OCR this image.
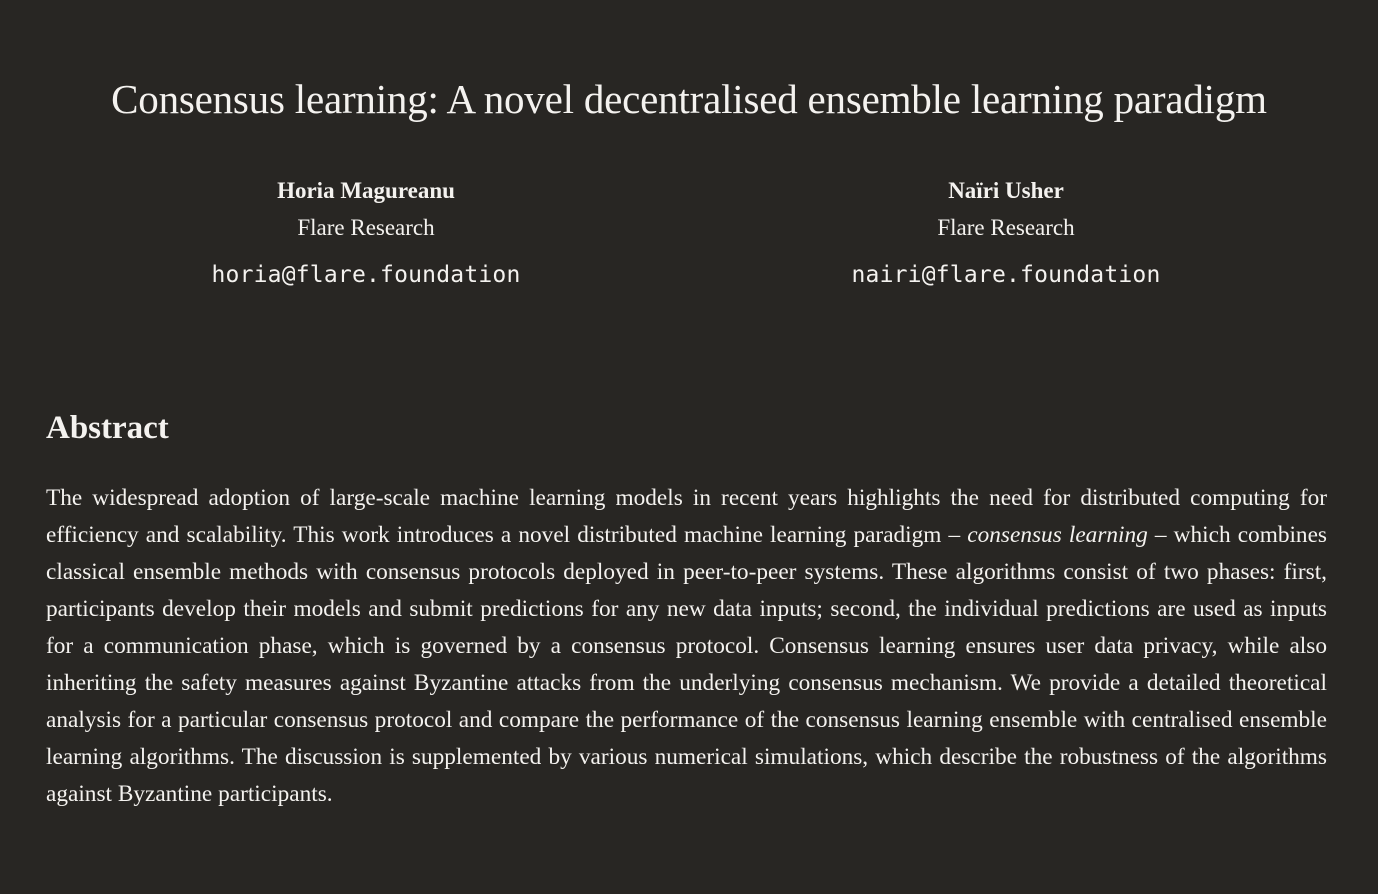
Consensus learning: A novel decentralised ensemble learning paradigm
Horia Magureanu
Flare Research
horia@flare.foundation
Naïri Usher
Flare Research
nairi@flare.foundation
Abstract

The widespread adoption of large-scale machine learning models in recent years highlights the need for distributed computing for efficiency and scalability. This work introduces a novel distributed machine learning paradigm – consensus learning – which combines classical ensemble methods with consensus protocols deployed in peer-to-peer systems. These algorithms consist of two phases: first, participants develop their models and submit predictions for any new data inputs; second, the individual predictions are used as inputs for a communication phase, which is governed by a consensus protocol. Consensus learning ensures user data privacy, while also inheriting the safety measures against Byzantine attacks from the underlying consensus mechanism. We provide a detailed theoretical analysis for a particular consensus protocol and compare the performance of the consensus learning ensemble with centralised ensemble learning algorithms. The discussion is supplemented by various numerical simulations, which describe the robustness of the algorithms against Byzantine participants.
